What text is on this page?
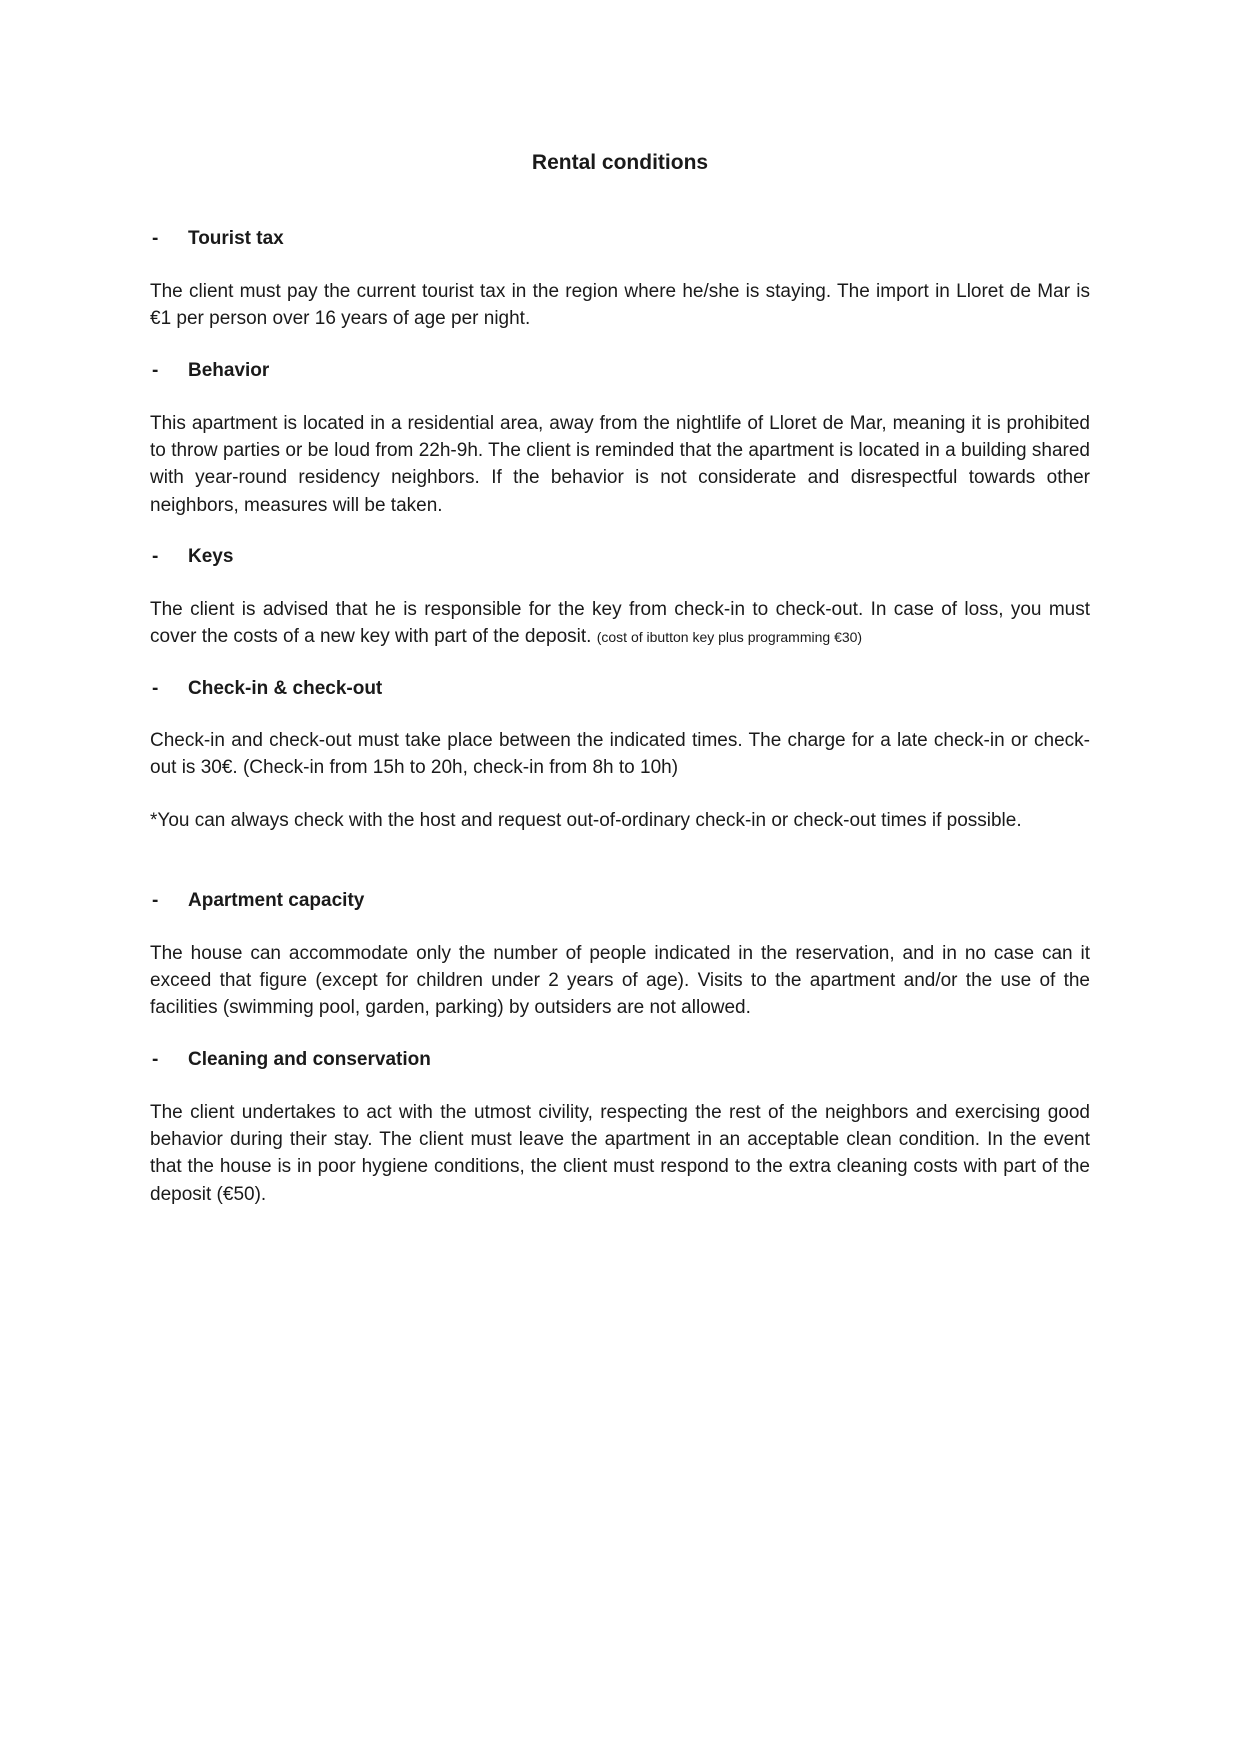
Rental conditions
- Tourist tax

The client must pay the current tourist tax in the region where he/she is staying. The import in Lloret de Mar is €1 per person over 16 years of age per night.

- Behavior

This apartment is located in a residential area, away from the nightlife of Lloret de Mar, meaning it is prohibited to throw parties or be loud from 22h-9h. The client is reminded that the apartment is located in a building shared with year-round residency neighbors. If the behavior is not considerate and disrespectful towards other neighbors, measures will be taken.

- Keys

The client is advised that he is responsible for the key from check-in to check-out. In case of loss, you must cover the costs of a new key with part of the deposit. (cost of ibutton key plus programming €30)

- Check-in & check-out

Check-in and check-out must take place between the indicated times. The charge for a late check-in or check-out is 30€. (Check-in from 15h to 20h, check-in from 8h to 10h)

*You can always check with the host and request out-of-ordinary check-in or check-out times if possible.

- Apartment capacity

The house can accommodate only the number of people indicated in the reservation, and in no case can it exceed that figure (except for children under 2 years of age). Visits to the apartment and/or the use of the facilities (swimming pool, garden, parking) by outsiders are not allowed.

- Cleaning and conservation

The client undertakes to act with the utmost civility, respecting the rest of the neighbors and exercising good behavior during their stay. The client must leave the apartment in an acceptable clean condition. In the event that the house is in poor hygiene conditions, the client must respond to the extra cleaning costs with part of the deposit (€50).
